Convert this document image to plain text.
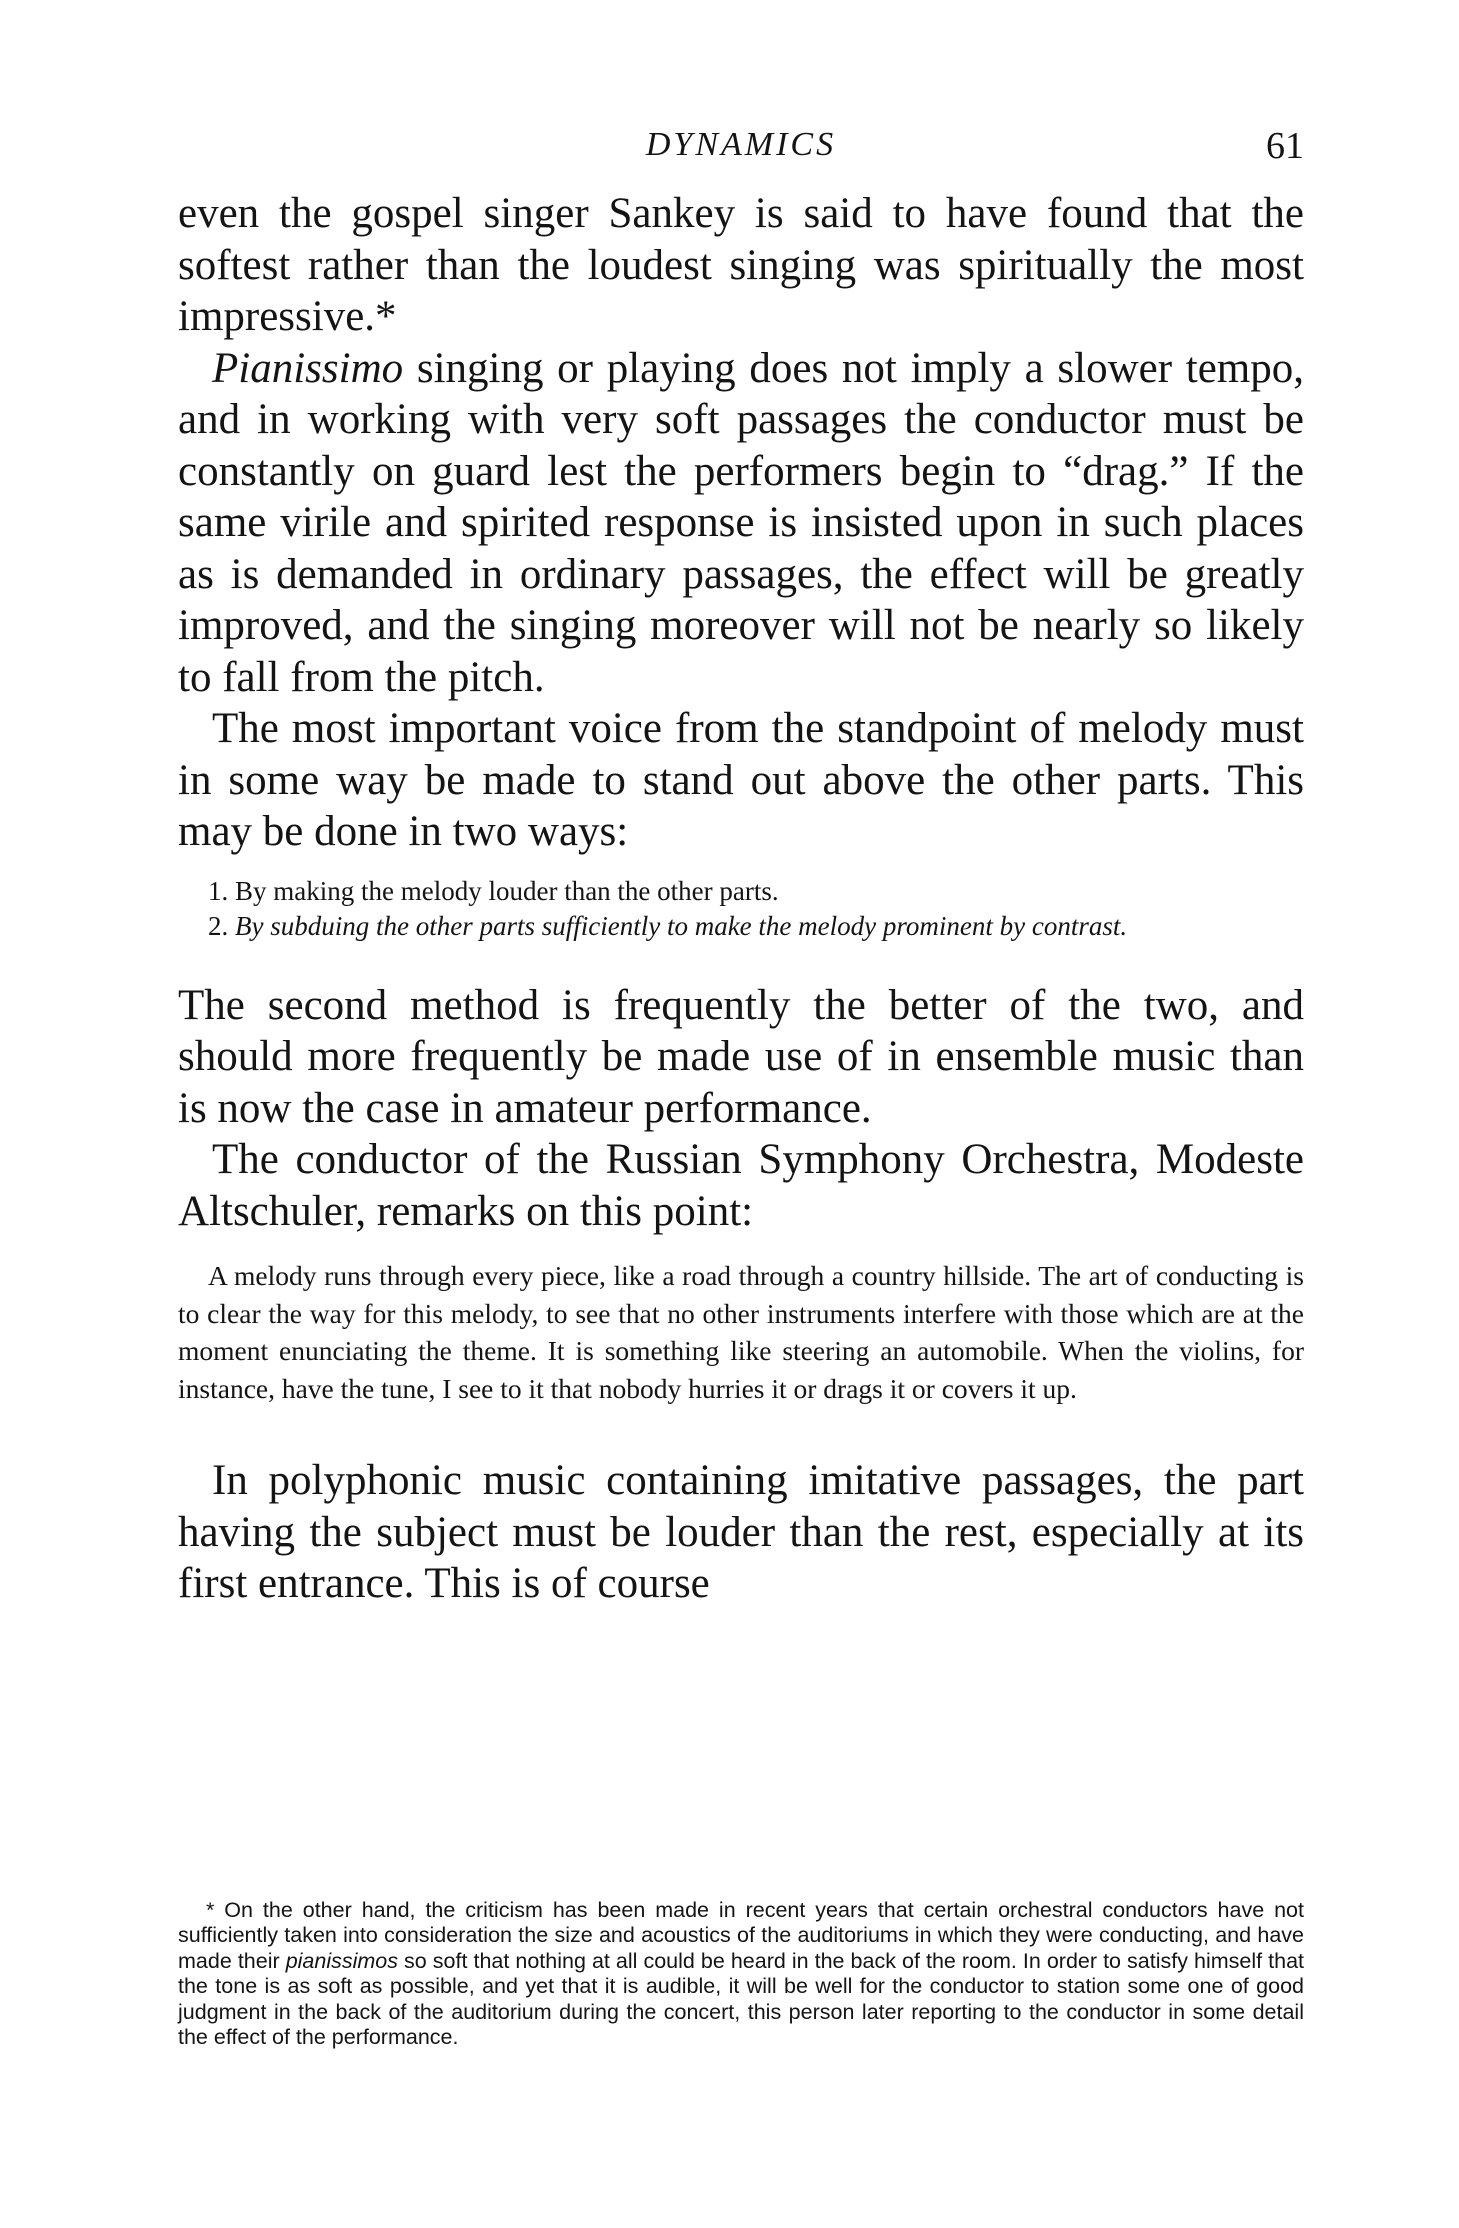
DYNAMICS	61

even the gospel singer Sankey is said to have found that the softest rather than the loudest singing was spiritually the most impressive.*

Pianissimo singing or playing does not imply a slower tempo, and in working with very soft passages the conductor must be constantly on guard lest the performers begin to “drag.” If the same virile and spirited response is insisted upon in such places as is demanded in ordinary passages, the effect will be greatly improved, and the singing moreover will not be nearly so likely to fall from the pitch.

The most important voice from the standpoint of melody must in some way be made to stand out above the other parts. This may be done in two ways:

1. By making the melody louder than the other parts.

2. By subduing the other parts sufficiently to make the melody prominent by contrast.

The second method is frequently the better of the two, and should more frequently be made use of in ensemble music than is now the case in amateur performance.

The conductor of the Russian Symphony Orchestra, Modeste Altschuler, remarks on this point:

A melody runs through every piece, like a road through a country hillside. The art of conducting is to clear the way for this melody, to see that no other instruments interfere with those which are at the moment enunciating the theme. It is something like steering an automobile. When the violins, for instance, have the tune, I see to it that nobody hurries it or drags it or covers it up.

In polyphonic music containing imitative passages, the part having the subject must be louder than the rest, especially at its first entrance. This is of course

* On the other hand, the criticism has been made in recent years that certain orchestral conductors have not sufficiently taken into consideration the size and acoustics of the auditoriums in which they were conducting, and have made their pianissimos so soft that nothing at all could be heard in the back of the room. In order to satisfy himself that the tone is as soft as possible, and yet that it is audible, it will be well for the conductor to station some one of good judgment in the back of the auditorium during the concert, this person later reporting to the conductor in some detail the effect of the performance.
